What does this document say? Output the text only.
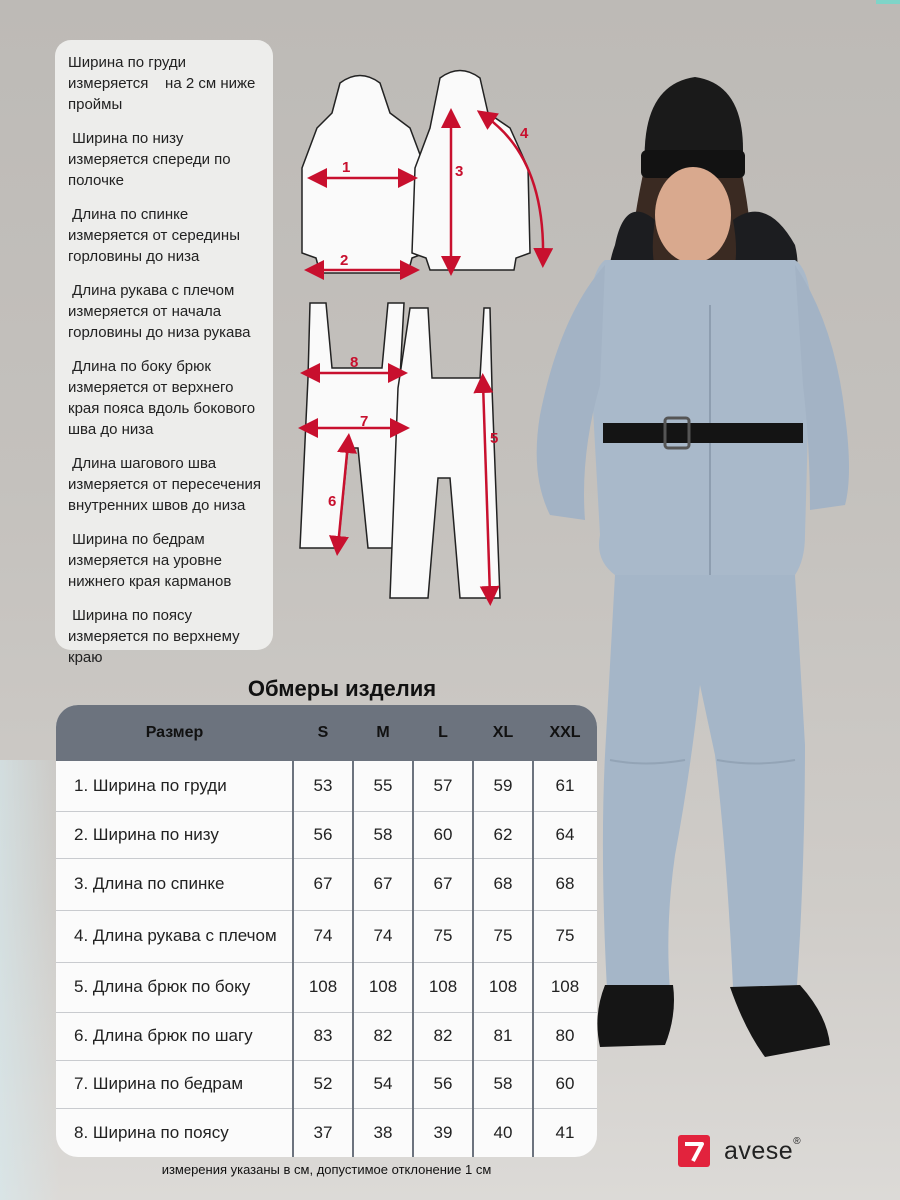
Ширина по груди
измеряется    на 2 см ниже
проймы
Ширина по низу
измеряется спереди по
полочке
Длина по спинке
измеряется от середины
горловины до низа
Длина рукава с плечом
измеряется от начала
горловины до низа рукава
Длина по боку брюк
измеряется от верхнего
края пояса вдоль бокового
шва до низа
Длина шагового шва
измеряется от пересечения
внутренних швов до низа
Ширина по бедрам
измеряется на уровне
нижнего края карманов
Ширина по поясу
измеряется по верхнему
краю
1
2
3
4
5
6
7
8
Обмеры изделия
Размер	S	M	L	XL	XXL
1. Ширина по груди	53	55	57	59	61
2. Ширина по низу	56	58	60	62	64
3. Длина по спинке	67	67	67	68	68
4. Длина рукава с плечом	74	74	75	75	75
5. Длина брюк по боку	108	108	108	108	108
6. Длина брюк по шагу	83	82	82	81	80
7. Ширина по бедрам	52	54	56	58	60
8. Ширина по поясу	37	38	39	40	41
измерения указаны в см, допустимое отклонение 1 см
avese ®
